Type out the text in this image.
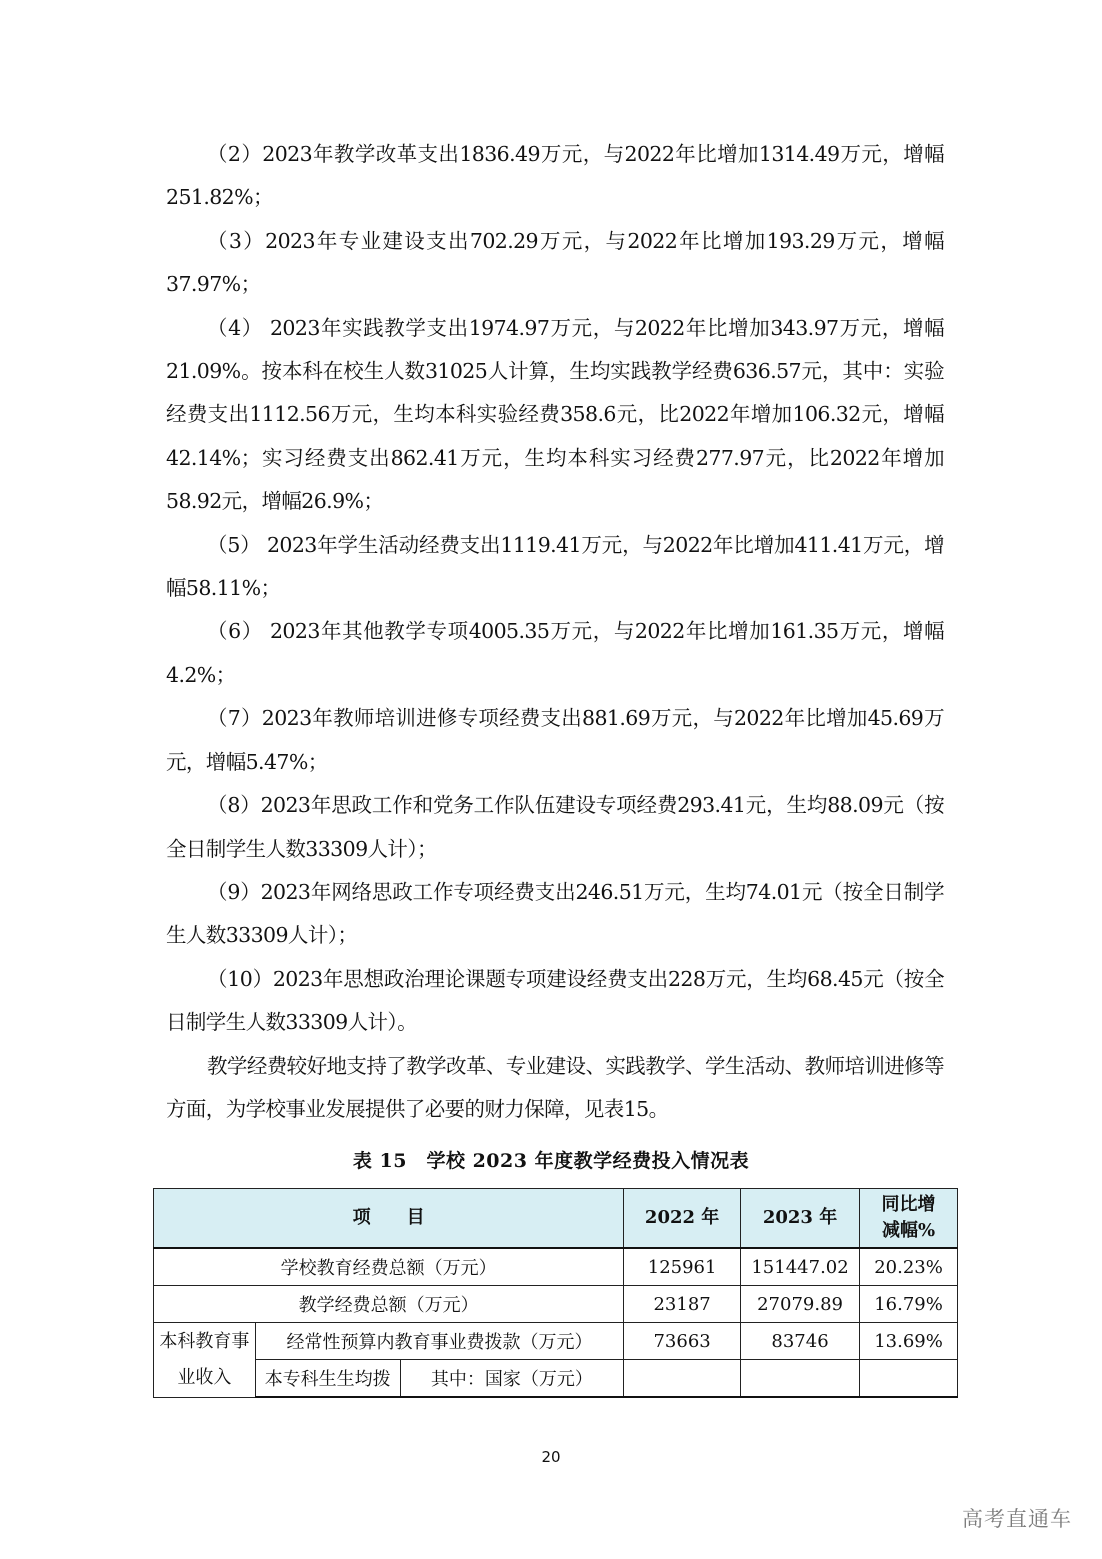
（2）2023年教学改革支出1836.49万元，与2022年比增加1314.49万元，增幅251.82%；

（3）2023年专业建设支出702.29万元，与2022年比增加193.29万元，增幅37.97%；

（4） 2023年实践教学支出1974.97万元，与2022年比增加343.97万元，增幅21.09%。按本科在校生人数31025人计算，生均实践教学经费636.57元，其中：实验经费支出1112.56万元，生均本科实验经费358.6元，比2022年增加106.32元，增幅42.14%；实习经费支出862.41万元，生均本科实习经费277.97元，比2022年增加58.92元，增幅26.9%；

（5） 2023年学生活动经费支出1119.41万元，与2022年比增加411.41万元，增幅58.11%；

（6） 2023年其他教学专项4005.35万元，与2022年比增加161.35万元，增幅4.2%；

（7）2023年教师培训进修专项经费支出881.69万元，与2022年比增加45.69万元，增幅5.47%；

（8）2023年思政工作和党务工作队伍建设专项经费293.41元，生均88.09元（按全日制学生人数33309人计）；

（9）2023年网络思政工作专项经费支出246.51万元，生均74.01元（按全日制学生人数33309人计）；

（10）2023年思想政治理论课题专项建设经费支出228万元，生均68.45元（按全日制学生人数33309人计）。

教学经费较好地支持了教学改革、专业建设、实践教学、学生活动、教师培训进修等方面，为学校事业发展提供了必要的财力保障，见表15。

表 15　学校 2023 年度教学经费投入情况表
项　　目			2022 年	2023 年	同比增
减幅%

学校教育经费总额（万元）			125961	151447.02	20.23%
教学经费总额（万元）			23187	27079.89	16.79%

本科教育事
业收入	经常性预算内教育事业费拨款（万元）		73663	83746	13.69%
	本专科生生均拨	其中：国家（万元）			
20
高考直通车
